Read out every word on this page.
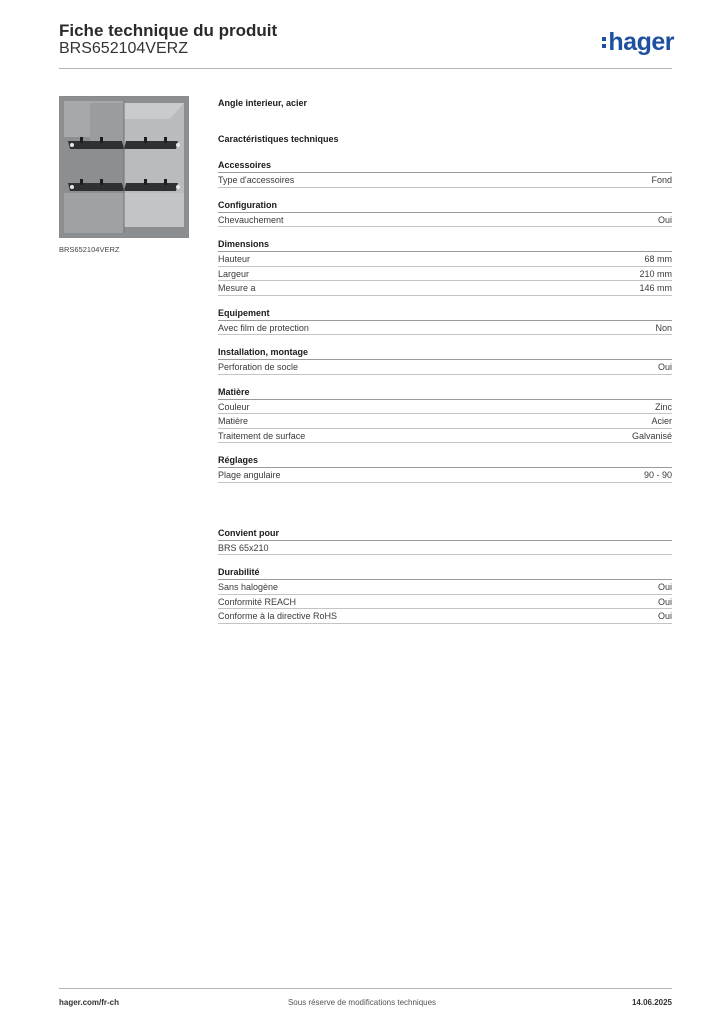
Fiche technique du produit
BRS652104VERZ	hager
BRS652104VERZ
Angle interieur, acier
Caractéristiques techniques
Accessoires
Type d'accessoires	Fond
Configuration
Chevauchement	Oui
Dimensions
Hauteur	68 mm
Largeur	210 mm
Mesure a	146 mm
Equipement
Avec film de protection	Non
Installation, montage
Perforation de socle	Oui
Matière
Couleur	Zinc
Matière	Acier
Traitement de surface	Galvanisé
Réglages
Plage angulaire	90 - 90
Convient pour
BRS 65x210
Durabilité
Sans halogène	Oui
Conformité REACH	Oui
Conforme à la directive RoHS	Oui
hager.com/fr-ch	Sous réserve de modifications techniques	14.06.2025
